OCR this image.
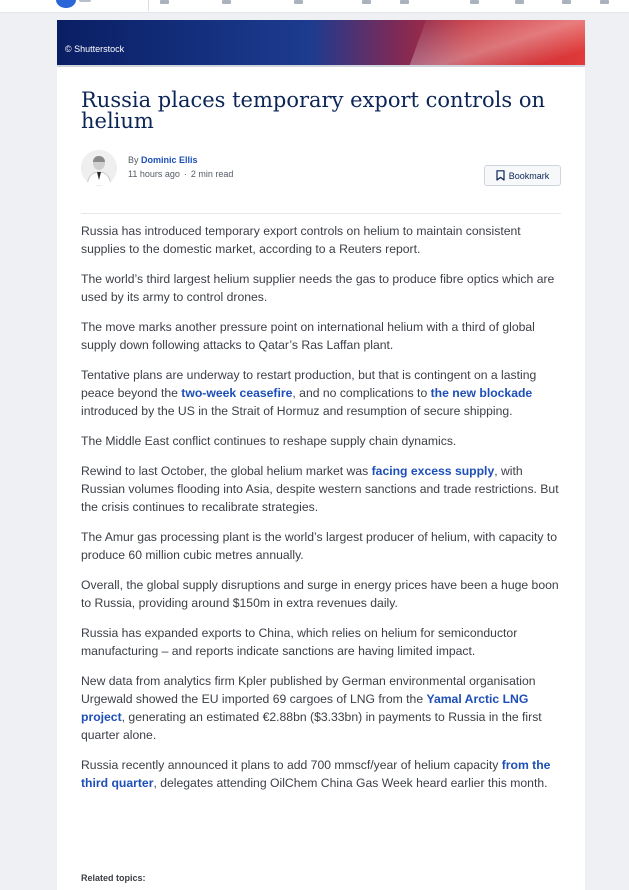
© Shutterstock
Russia places temporary export controls on helium
By Dominic Ellis
11 hours ago · 2 min read	Bookmark

Russia has introduced temporary export controls on helium to maintain consistent supplies to the domestic market, according to a Reuters report.

The world’s third largest helium supplier needs the gas to produce fibre optics which are used by its army to control drones.

The move marks another pressure point on international helium with a third of global supply down following attacks to Qatar’s Ras Laffan plant.

Tentative plans are underway to restart production, but that is contingent on a lasting peace beyond the two-week ceasefire, and no complications to the new blockade introduced by the US in the Strait of Hormuz and resumption of secure shipping.

The Middle East conflict continues to reshape supply chain dynamics.

Rewind to last October, the global helium market was facing excess supply, with Russian volumes flooding into Asia, despite western sanctions and trade restrictions. But the crisis continues to recalibrate strategies.

The Amur gas processing plant is the world’s largest producer of helium, with capacity to produce 60 million cubic metres annually.

Overall, the global supply disruptions and surge in energy prices have been a huge boon to Russia, providing around $150m in extra revenues daily.

Russia has expanded exports to China, which relies on helium for semiconductor manufacturing – and reports indicate sanctions are having limited impact.

New data from analytics firm Kpler published by German environmental organisation Urgewald showed the EU imported 69 cargoes of LNG from the Yamal Arctic LNG project, generating an estimated €2.88bn ($3.33bn) in payments to Russia in the first quarter alone.

Russia recently announced it plans to add 700 mmscf/year of helium capacity from the third quarter, delegates attending OilChem China Gas Week heard earlier this month.

Related topics:
